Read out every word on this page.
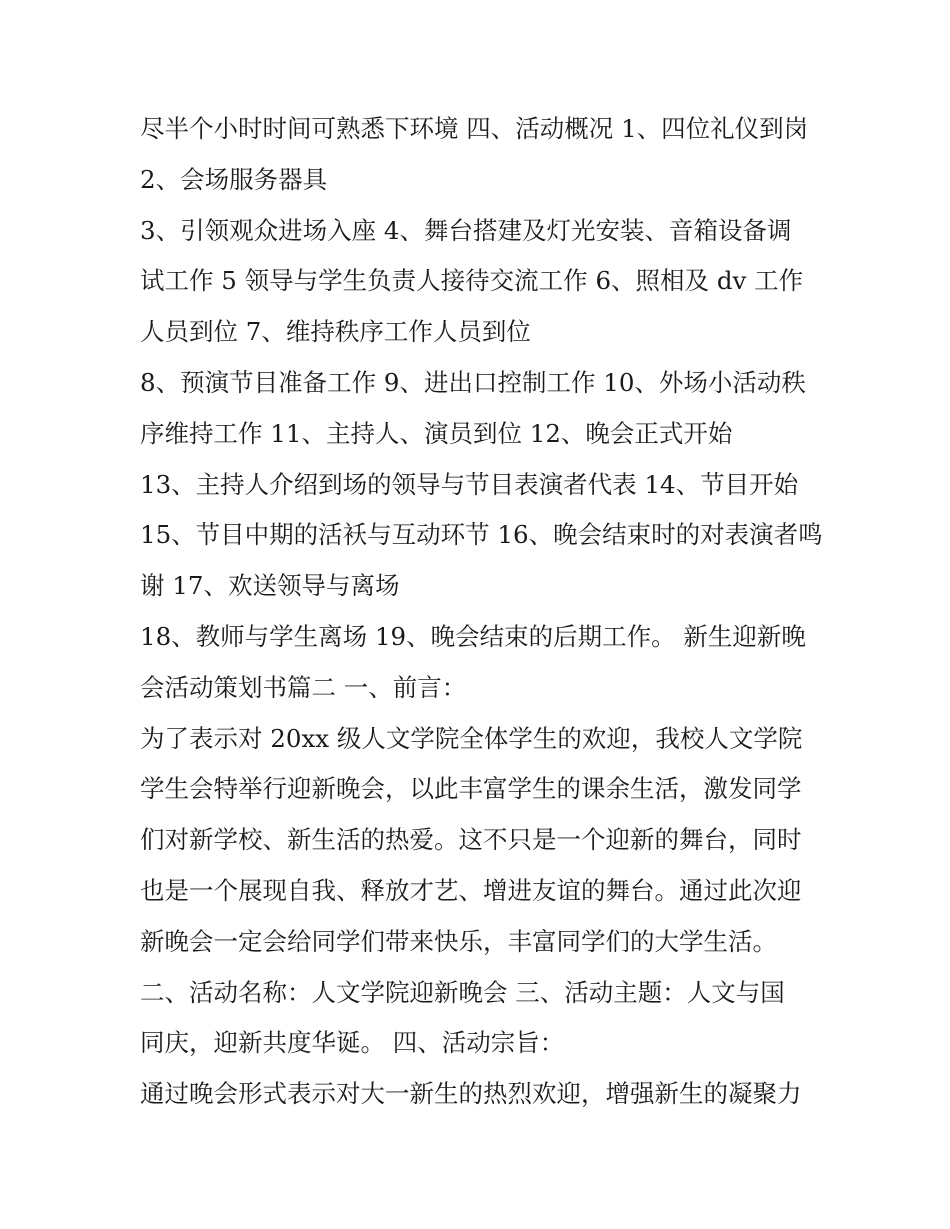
尽半个小时时间可熟悉下环境 四、活动概况 1、四位礼仪到岗
2、会场服务器具
3、引领观众进场入座 4、舞台搭建及灯光安装、音箱设备调
试工作 5 领导与学生负责人接待交流工作 6、照相及 dv 工作
人员到位 7、维持秩序工作人员到位
8、预演节目准备工作 9、进出口控制工作 10、外场小活动秩
序维持工作 11、主持人、演员到位 12、晚会正式开始
13、主持人介绍到场的领导与节目表演者代表 14、节目开始
15、节目中期的活袄与互动环节 16、晚会结束时的对表演者鸣
谢 17、欢送领导与离场
18、教师与学生离场 19、晚会结束的后期工作。 新生迎新晚
会活动策划书篇二 一、前言：
为了表示对 20xx 级人文学院全体学生的欢迎，我校人文学院
学生会特举行迎新晚会，以此丰富学生的课余生活，激发同学
们对新学校、新生活的热爱。这不只是一个迎新的舞台，同时
也是一个展现自我、释放才艺、增进友谊的舞台。通过此次迎
新晚会一定会给同学们带来快乐，丰富同学们的大学生活。
二、活动名称：人文学院迎新晚会 三、活动主题：人文与国
同庆，迎新共度华诞。 四、活动宗旨：
通过晚会形式表示对大一新生的热烈欢迎，增强新生的凝聚力
